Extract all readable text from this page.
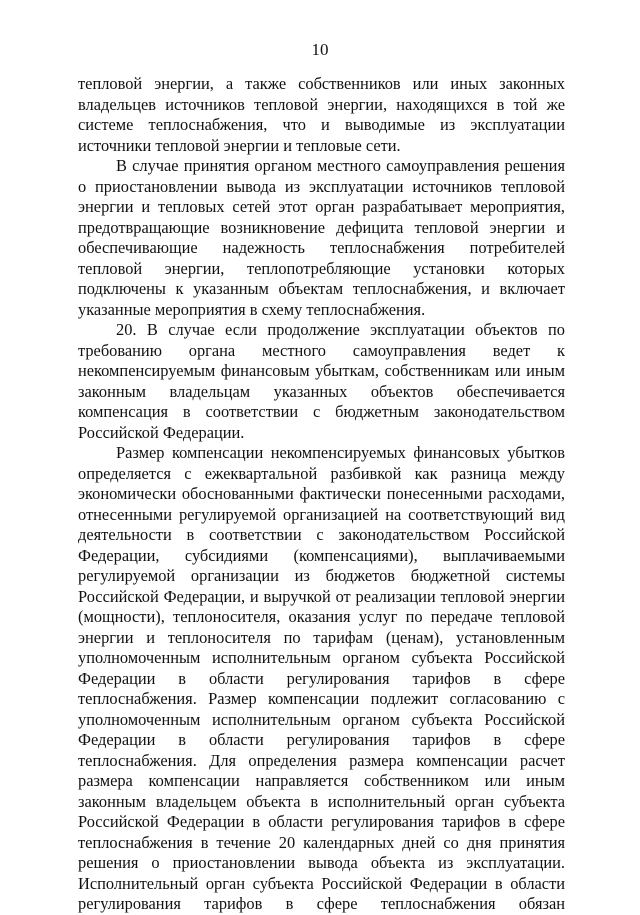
10

тепловой энергии, а также собственников или иных законных владельцев источников тепловой энергии, находящихся в той же системе теплоснабжения, что и выводимые из эксплуатации источники тепловой энергии и тепловые сети.

В случае принятия органом местного самоуправления решения о приостановлении вывода из эксплуатации источников тепловой энергии и тепловых сетей этот орган разрабатывает мероприятия, предотвращающие возникновение дефицита тепловой энергии и обеспечивающие надежность теплоснабжения потребителей тепловой энергии, теплопотребляющие установки которых подключены к указанным объектам теплоснабжения, и включает указанные мероприятия в схему теплоснабжения.

20. В случае если продолжение эксплуатации объектов по требованию органа местного самоуправления ведет к некомпенсируемым финансовым убыткам, собственникам или иным законным владельцам указанных объектов обеспечивается компенсация в соответствии с бюджетным законодательством Российской Федерации.

Размер компенсации некомпенсируемых финансовых убытков определяется с ежеквартальной разбивкой как разница между экономически обоснованными фактически понесенными расходами, отнесенными регулируемой организацией на соответствующий вид деятельности в соответствии с законодательством Российской Федерации, субсидиями (компенсациями), выплачиваемыми регулируемой организации из бюджетов бюджетной системы Российской Федерации, и выручкой от реализации тепловой энергии (мощности), теплоносителя, оказания услуг по передаче тепловой энергии и теплоносителя по тарифам (ценам), установленным уполномоченным исполнительным органом субъекта Российской Федерации в области регулирования тарифов в сфере теплоснабжения. Размер компенсации подлежит согласованию с уполномоченным исполнительным органом субъекта Российской Федерации в области регулирования тарифов в сфере теплоснабжения. Для определения размера компенсации расчет размера компенсации направляется собственником или иным законным владельцем объекта в исполнительный орган субъекта Российской Федерации в области регулирования тарифов в сфере теплоснабжения в течение 20 календарных дней со дня принятия решения о приостановлении вывода объекта из эксплуатации. Исполнительный орган субъекта Российской Федерации в области регулирования тарифов в сфере теплоснабжения обязан
